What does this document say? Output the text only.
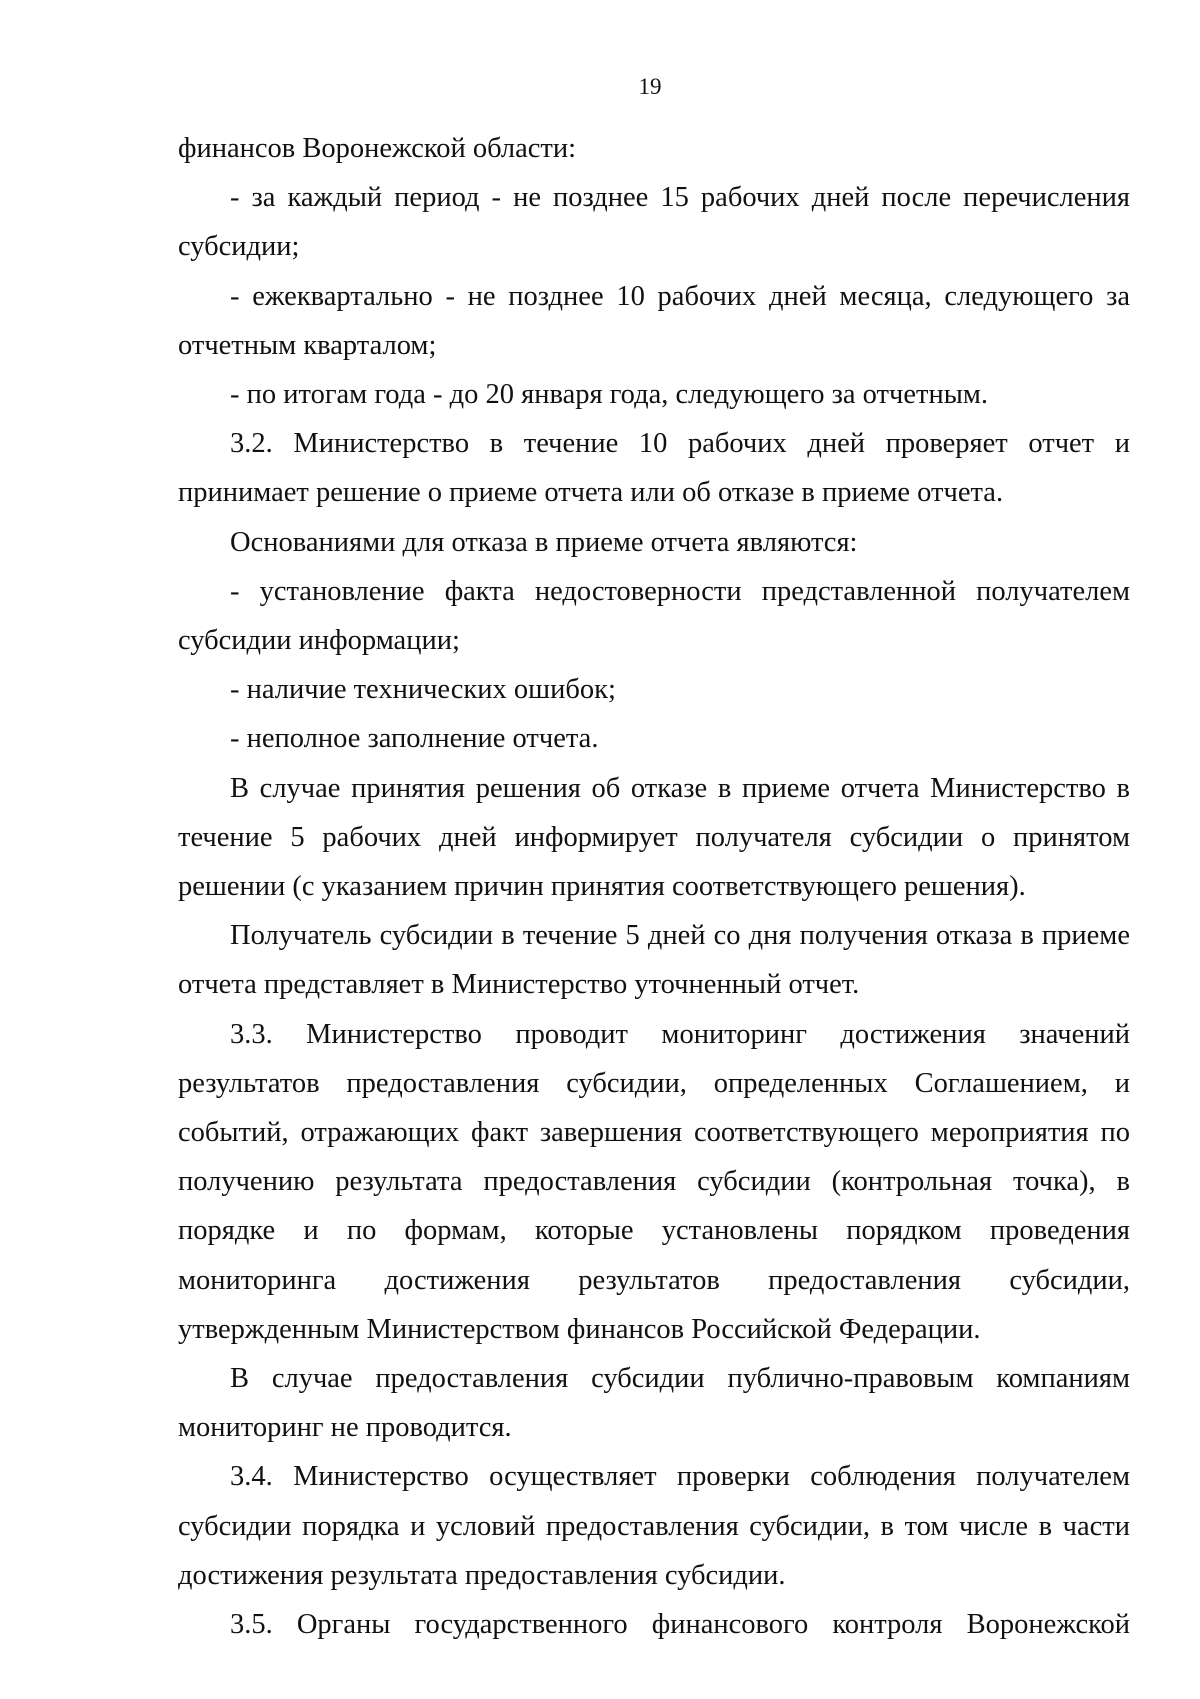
19

финансов Воронежской области:

- за каждый период - не позднее 15 рабочих дней после перечисления субсидии;

- ежеквартально - не позднее 10 рабочих дней месяца, следующего за отчетным кварталом;

- по итогам года - до 20 января года, следующего за отчетным.

3.2. Министерство в течение 10 рабочих дней проверяет отчет и принимает решение о приеме отчета или об отказе в приеме отчета.

Основаниями для отказа в приеме отчета являются:

- установление факта недостоверности представленной получателем субсидии информации;

- наличие технических ошибок;

- неполное заполнение отчета.

В случае принятия решения об отказе в приеме отчета Министерство в течение 5 рабочих дней информирует получателя субсидии о принятом решении (с указанием причин принятия соответствующего решения).

Получатель субсидии в течение 5 дней со дня получения отказа в приеме отчета представляет в Министерство уточненный отчет.

3.3. Министерство проводит мониторинг достижения значений результатов предоставления субсидии, определенных Соглашением, и событий, отражающих факт завершения соответствующего мероприятия по получению результата предоставления субсидии (контрольная точка), в порядке и по формам, которые установлены порядком проведения мониторинга достижения результатов предоставления субсидии, утвержденным Министерством финансов Российской Федерации.

В случае предоставления субсидии публично-правовым компаниям мониторинг не проводится.

3.4. Министерство осуществляет проверки соблюдения получателем субсидии порядка и условий предоставления субсидии, в том числе в части достижения результата предоставления субсидии.

3.5. Органы государственного финансового контроля Воронежской
